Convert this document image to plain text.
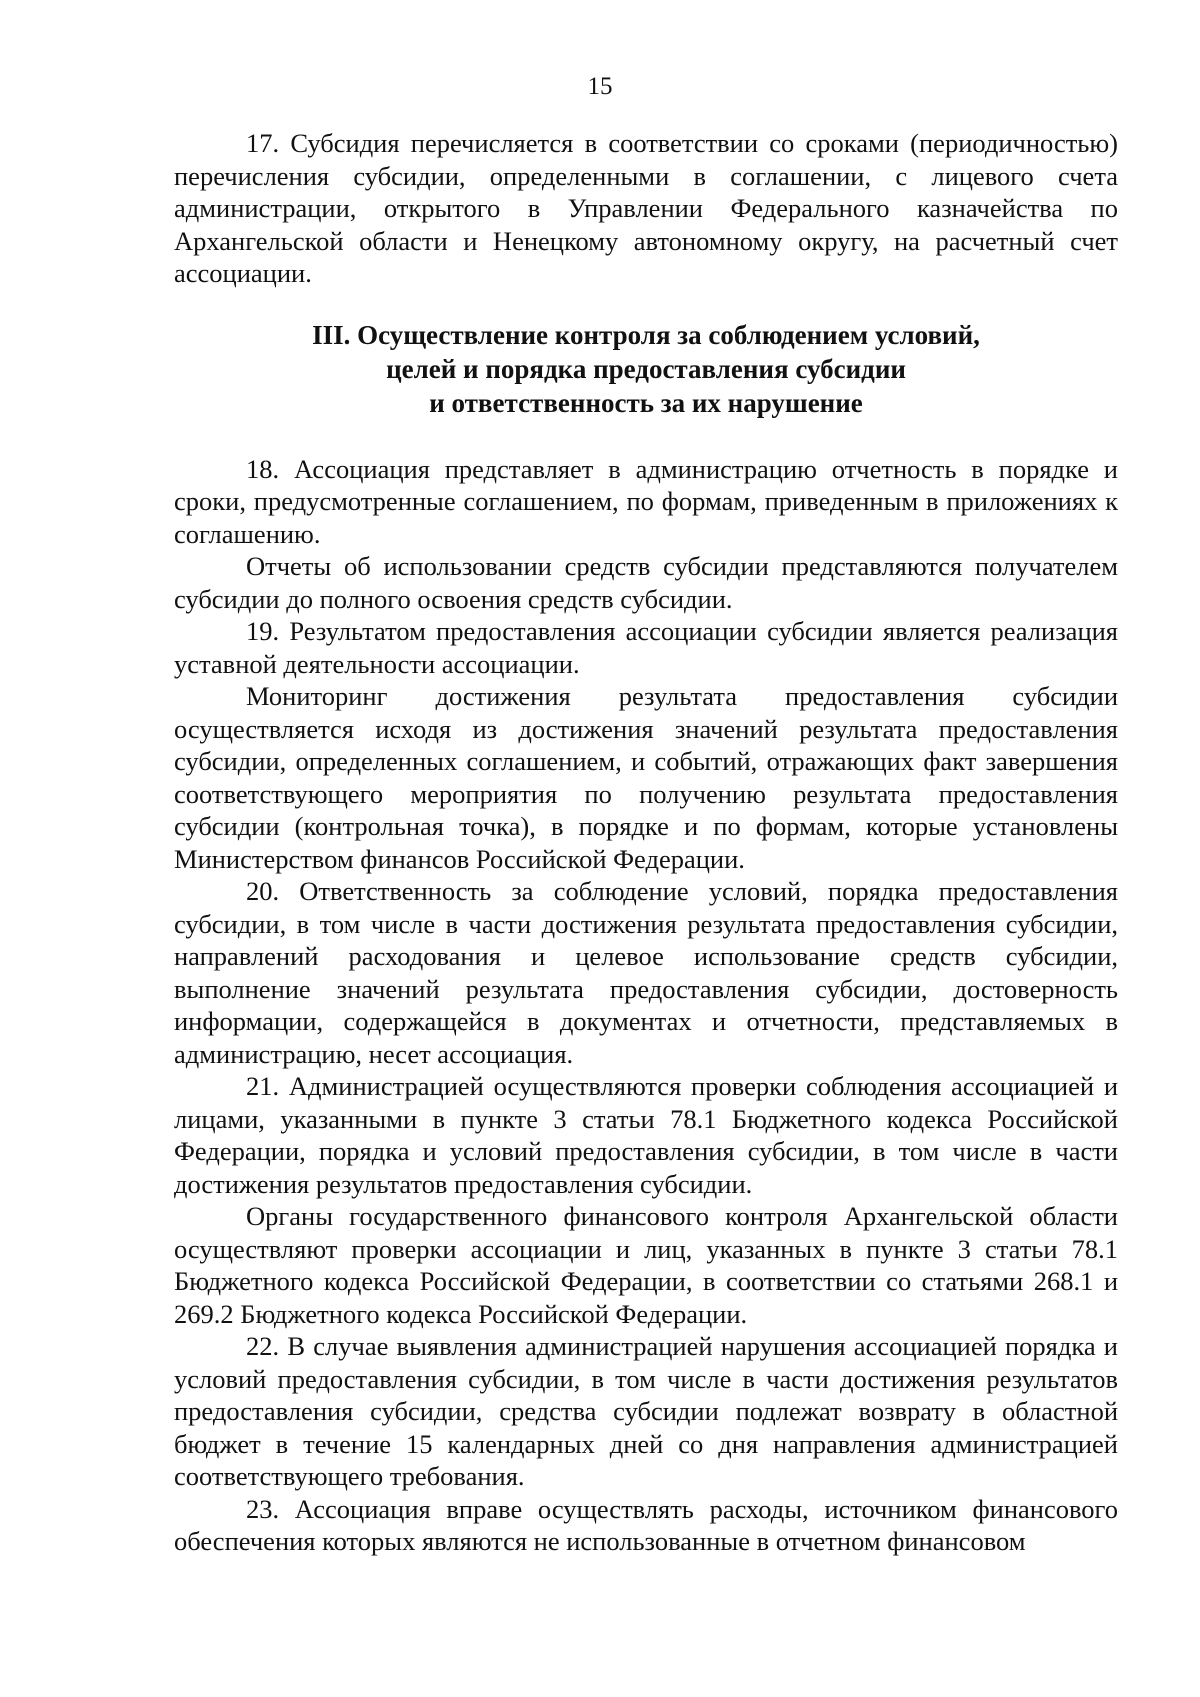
15

17. Субсидия перечисляется в соответствии со сроками (периодичностью) перечисления субсидии, определенными в соглашении, с лицевого счета администрации, открытого в Управлении Федерального казначейства по Архангельской области и Ненецкому автономному округу, на расчетный счет ассоциации.

III. Осуществление контроля за соблюдением условий,
целей и порядка предоставления субсидии
и ответственность за их нарушение

18. Ассоциация представляет в администрацию отчетность в порядке и сроки, предусмотренные соглашением, по формам, приведенным в приложениях к соглашению.

Отчеты об использовании средств субсидии представляются получателем субсидии до полного освоения средств субсидии.

19. Результатом предоставления ассоциации субсидии является реализация уставной деятельности ассоциации.

Мониторинг достижения результата предоставления субсидии осуществляется исходя из достижения значений результата предоставления субсидии, определенных соглашением, и событий, отражающих факт завершения соответствующего мероприятия по получению результата предоставления субсидии (контрольная точка), в порядке и по формам, которые установлены Министерством финансов Российской Федерации.

20. Ответственность за соблюдение условий, порядка предоставления субсидии, в том числе в части достижения результата предоставления субсидии, направлений расходования и целевое использование средств субсидии, выполнение значений результата предоставления субсидии, достоверность информации, содержащейся в документах и отчетности, представляемых в администрацию, несет ассоциация.

21. Администрацией осуществляются проверки соблюдения ассоциацией и лицами, указанными в пункте 3 статьи 78.1 Бюджетного кодекса Российской Федерации, порядка и условий предоставления субсидии, в том числе в части достижения результатов предоставления субсидии.

Органы государственного финансового контроля Архангельской области осуществляют проверки ассоциации и лиц, указанных в пункте 3 статьи 78.1 Бюджетного кодекса Российской Федерации, в соответствии со статьями 268.1 и 269.2 Бюджетного кодекса Российской Федерации.

22. В случае выявления администрацией нарушения ассоциацией порядка и условий предоставления субсидии, в том числе в части достижения результатов предоставления субсидии, средства субсидии подлежат возврату в областной бюджет в течение 15 календарных дней со дня направления администрацией соответствующего требования.

23. Ассоциация вправе осуществлять расходы, источником финансового обеспечения которых являются не использованные в отчетном финансовом
